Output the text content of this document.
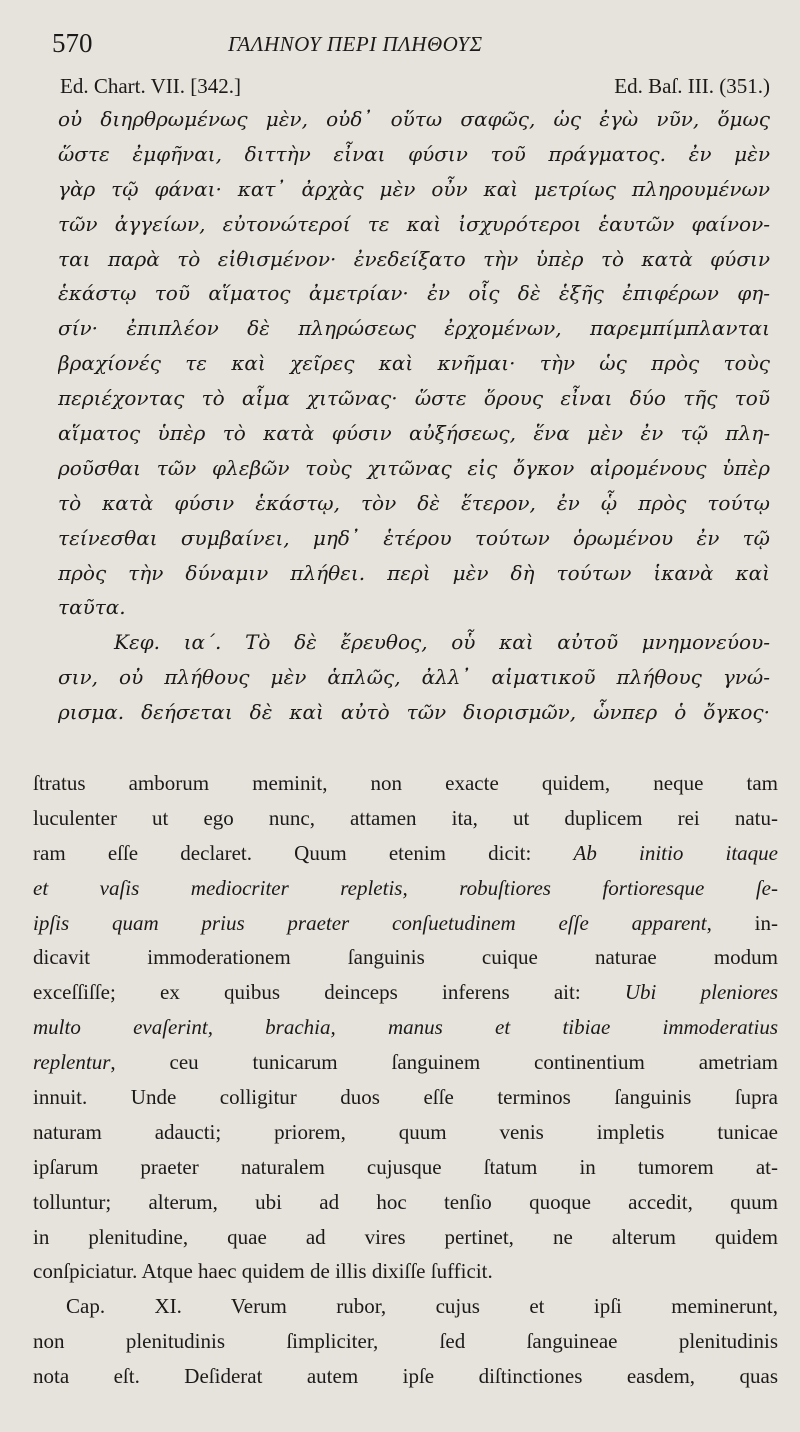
570	ΓΑΛΗΝΟΥ ΠΕΡΙ ΠΛΗΘΟΥΣ
Ed. Chart. VII. [342.]	Ed. Baſ. III. (351.)
οὐ διηρθρωμένως μὲν, οὐδ᾽ οὕτω σαφῶς, ὡς ἐγὼ νῦν, ὅμως
ὥστε ἐμφῆναι, διττὴν εἶναι φύσιν τοῦ πράγματος. ἐν μὲν
γὰρ τῷ φάναι· κατ᾽ ἀρχὰς μὲν οὖν καὶ μετρίως πληρουμένων
τῶν ἀγγείων, εὐτονώτεροί τε καὶ ἰσχυρότεροι ἑαυτῶν φαίνον-
ται παρὰ τὸ εἰθισμένον· ἐνεδείξατο τὴν ὑπὲρ τὸ κατὰ φύσιν
ἑκάστῳ τοῦ αἵματος ἀμετρίαν· ἐν οἷς δὲ ἑξῆς ἐπιφέρων φη-
σίν· ἐπιπλέον δὲ πληρώσεως ἐρχομένων, παρεμπίμπλανται
βραχίονές τε καὶ χεῖρες καὶ κνῆμαι· τὴν ὡς πρὸς τοὺς
περιέχοντας τὸ αἷμα χιτῶνας· ὥστε ὅρους εἶναι δύο τῆς τοῦ
αἵματος ὑπὲρ τὸ κατὰ φύσιν αὐξήσεως, ἕνα μὲν ἐν τῷ πλη-
ροῦσθαι τῶν φλεβῶν τοὺς χιτῶνας εἰς ὄγκον αἰρομένους ὑπὲρ
τὸ κατὰ φύσιν ἑκάστῳ, τὸν δὲ ἕτερον, ἐν ᾧ πρὸς τούτῳ
τείνεσθαι συμβαίνει, μηδ᾽ ἑτέρου τούτων ὁρωμένου ἐν τῷ
πρὸς τὴν δύναμιν πλήθει. περὶ μὲν δὴ τούτων ἱκανὰ καὶ
ταῦτα.
Κεφ. ια΄. Τὸ δὲ ἔρευθος, οὗ καὶ αὐτοῦ μνημονεύου-
σιν, οὐ πλήθους μὲν ἁπλῶς, ἀλλ᾽ αἱματικοῦ πλήθους γνώ-
ρισμα. δεήσεται δὲ καὶ αὐτὸ τῶν διορισμῶν, ὧνπερ ὁ ὄγκος·
ſtratus amborum meminit, non exacte quidem, neque tam
luculenter ut ego nunc, attamen ita, ut duplicem rei natu-
ram eſſe declaret. Quum etenim dicit: Ab initio itaque
et vaſis mediocriter repletis, robuſtiores fortioresque ſe-
ipſis quam prius praeter conſuetudinem eſſe apparent, in-
dicavit immoderationem ſanguinis cuique naturae modum
exceſſiſſe; ex quibus deinceps inferens ait: Ubi pleniores
multo evaſerint, brachia, manus et tibiae immoderatius
replentur, ceu tunicarum ſanguinem continentium ametriam
innuit. Unde colligitur duos eſſe terminos ſanguinis ſupra
naturam adaucti; priorem, quum venis impletis tunicae
ipſarum praeter naturalem cujusque ſtatum in tumorem at-
tolluntur; alterum, ubi ad hoc tenſio quoque accedit, quum
in plenitudine, quae ad vires pertinet, ne alterum quidem
conſpiciatur. Atque haec quidem de illis dixiſſe ſufficit.
Cap. XI. Verum rubor, cujus et ipſi meminerunt,
non plenitudinis ſimpliciter, ſed ſanguineae plenitudinis
nota eſt. Deſiderat autem ipſe diſtinctiones easdem, quas
